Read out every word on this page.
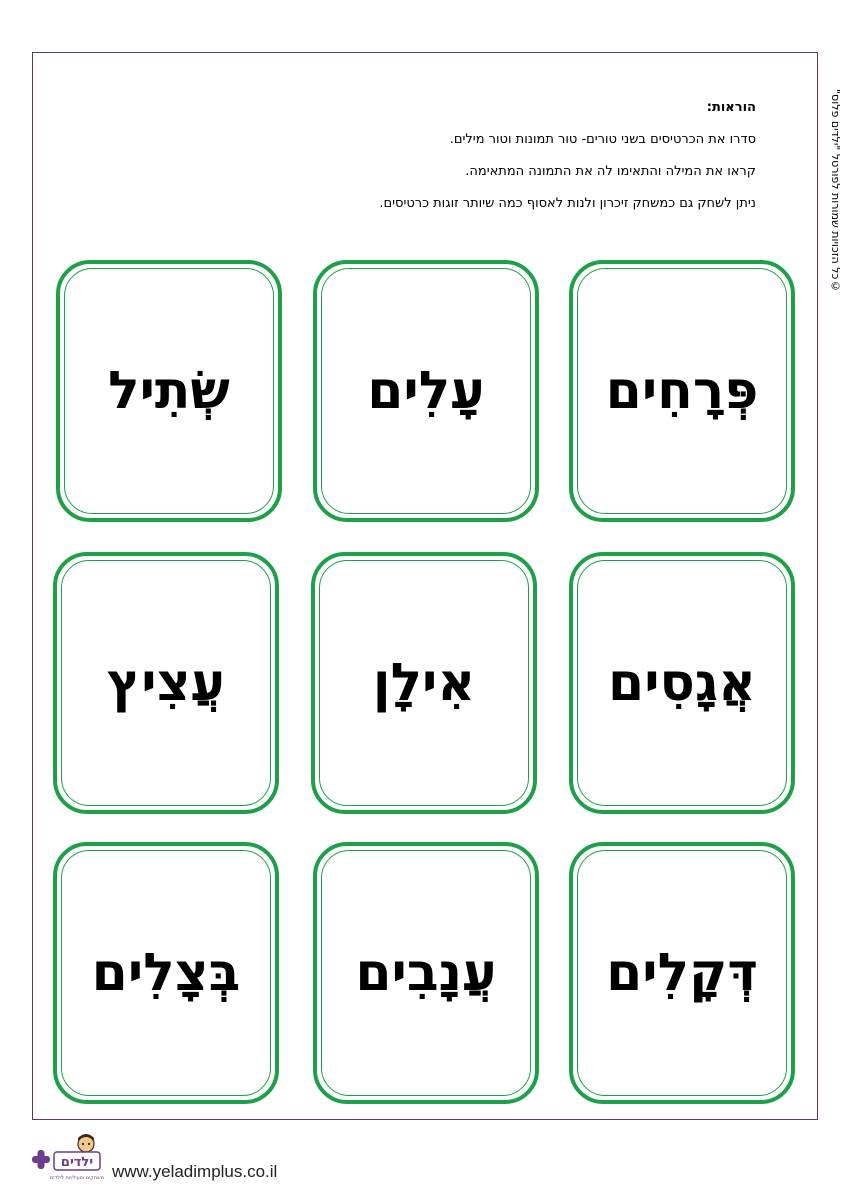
©כל הזכויות שמורות לפורטל "ילדים פלוס"
הוראות:
סדרו את הכרטיסים בשני טורים- טור תמונות וטור מילים.
קראו את המילה והתאימו לה את התמונה המתאימה.
ניתן לשחק גם כמשחק זיכרון ולנות לאסוף כמה שיותר זוגות כרטיסים.
פְּרָחִים
עָלִים
שְׂתִיל
אֲגָסִים
אִילָן
עֲצִיץ
דְּקָלִים
עֲנָבִים
בְּצָלִים
ילדים
משחקים ופעילויות לילדים www.yeladimplus.co.il
